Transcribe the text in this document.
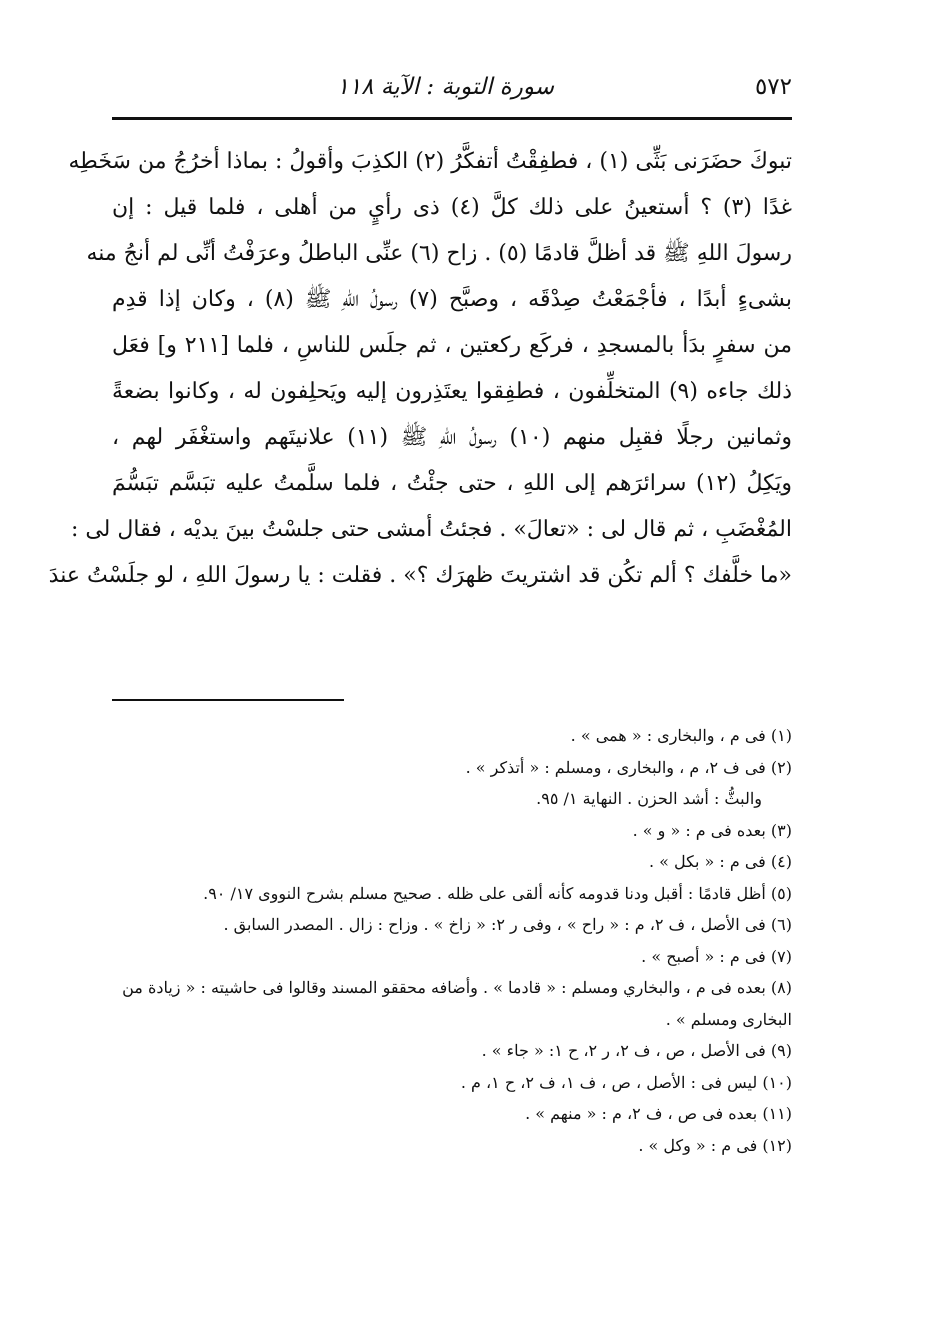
٥٧٢
سورة التوبة : الآية ١١٨
تبوكَ حضَرَنى بَثِّى (١) ، فطفِقْتُ أتفكَّرُ (٢) الكذِبَ وأقولُ : بماذا أخرُجُ من سَخَطِه
غدًا (٣) ؟ أستعينُ على ذلك كلَّ (٤) ذى رأيٍ من أهلى ، فلما قيل : إن
رسولَ اللهِ ﷺ قد أظلَّ قادمًا (٥) . زاح (٦) عنِّى الباطلُ وعرَفْتُ أنِّى لم أنجُ منه
بشىءٍ أبدًا ، فأجْمَعْتُ صِدْقَه ، وصبَّح (٧) رسولُ اللهِ ﷺ (٨) ، وكان إذا قدِم
من سفرٍ بدَأ بالمسجدِ ، فركَع ركعتين ، ثم جلَس للناسِ ، فلما [٢١١ و] فعَل
ذلك جاءه (٩) المتخلِّفون ، فطفِقوا يعتَذِرون إليه ويَحلِفون له ، وكانوا بضعةً
وثمانين رجلًا فقبِل منهم (١٠) رسولُ اللهِ ﷺ (١١) علانيتَهم واستغْفَر لهم ،
ويَكِلُ (١٢) سرائرَهم إلى اللهِ ، حتى جئْتُ ، فلما سلَّمتُ عليه تبَسَّم تبَسُّمَ
المُغْضَبِ ، ثم قال لى : «تعالَ» . فجئتُ أمشى حتى جلسْتُ بينَ يديْه ، فقال لى :
«ما خلَّفك ؟ ألم تكُن قد اشتريتَ ظهرَك ؟» . فقلت : يا رسولَ اللهِ ، لو جلَسْتُ عندَ
(١) فى م ، والبخارى : « همى » .
(٢) فى ف ٢، م ، والبخارى ، ومسلم : « أتذكر » .
والبثُّ : أشد الحزن . النهاية ١/ ٩٥.
(٣) بعده فى م : « و » .
(٤) فى م : « بكل » .
(٥) أظل قادمًا : أقبل ودنا قدومه كأنه ألقى على ظله . صحيح مسلم بشرح النووى ١٧/ ٩٠.
(٦) فى الأصل ، ف ٢، م : « راح » ، وفى ر ٢: « زاخ » . وزاح : زال . المصدر السابق .
(٧) فى م : « أصبح » .
(٨) بعده فى م ، والبخاري ومسلم : « قادما » . وأضافه محققو المسند وقالوا فى حاشيته : « زيادة من
البخارى ومسلم » .
(٩) فى الأصل ، ص ، ف ٢، ر ٢، ح ١: « جاء » .
(١٠) ليس فى : الأصل ، ص ، ف ١، ف ٢، ح ١، م .
(١١) بعده فى ص ، ف ٢، م : « منهم » .
(١٢) فى م : « وكل » .
